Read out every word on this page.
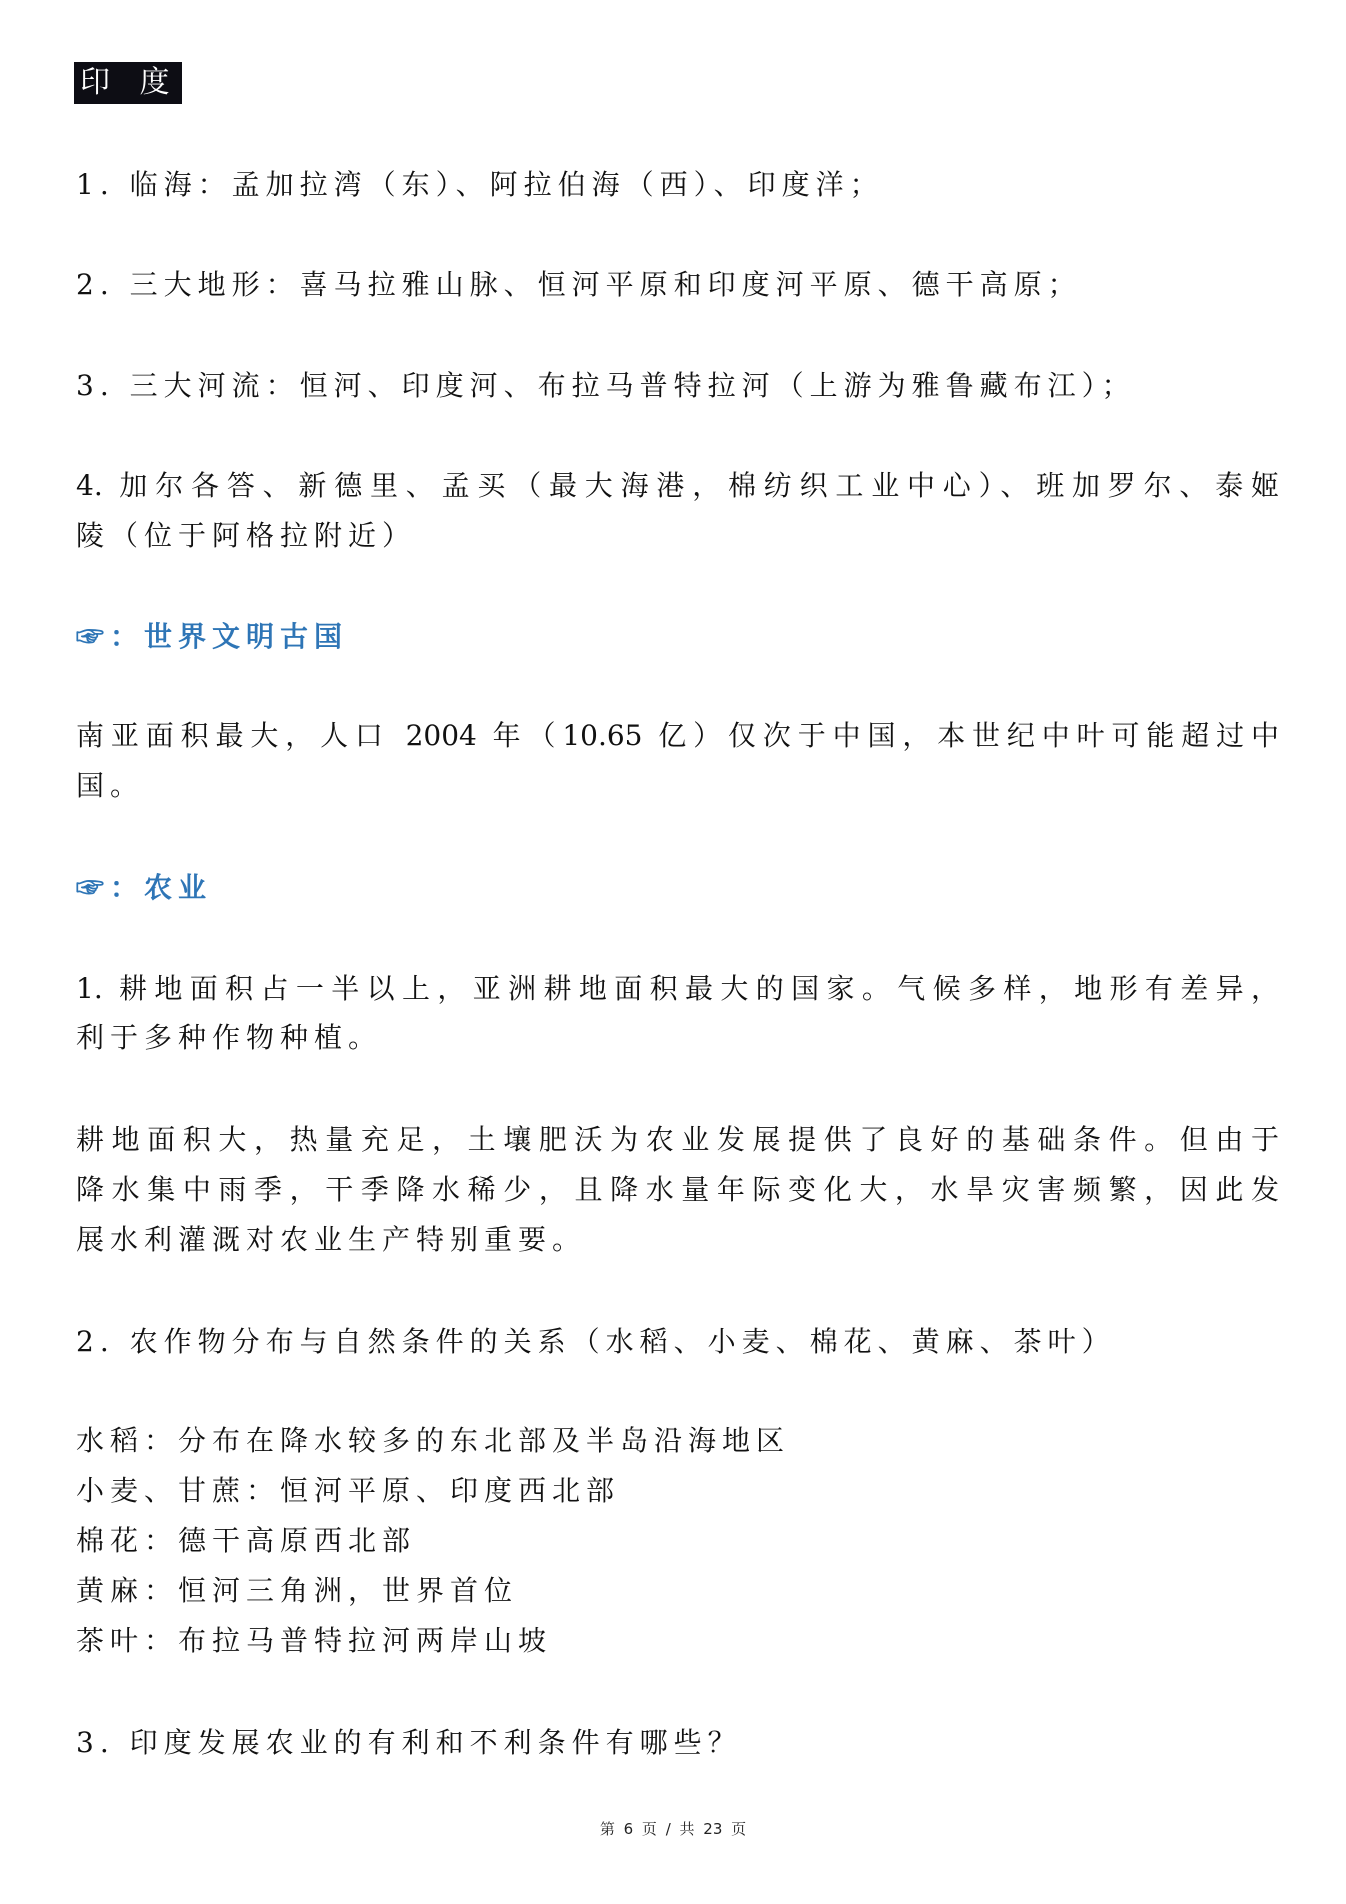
印 度
1. 临海：孟加拉湾（东）、阿拉伯海（西）、印度洋；
2. 三大地形：喜马拉雅山脉、恒河平原和印度河平原、德干高原；
3. 三大河流：恒河、印度河、布拉马普特拉河（上游为雅鲁藏布江）；
4. 加尔各答、新德里、孟买（最大海港，棉纺织工业中心）、班加罗尔、泰姬
陵（位于阿格拉附近）
☞：世界文明古国
南亚面积最大，人口 2004 年（10.65 亿）仅次于中国，本世纪中叶可能超过中
国。
☞：农业
1. 耕地面积占一半以上，亚洲耕地面积最大的国家。气候多样，地形有差异，
利于多种作物种植。
耕地面积大，热量充足，土壤肥沃为农业发展提供了良好的基础条件。但由于
降水集中雨季，干季降水稀少，且降水量年际变化大，水旱灾害频繁，因此发
展水利灌溉对农业生产特别重要。
2. 农作物分布与自然条件的关系（水稻、小麦、棉花、黄麻、茶叶）
水稻：分布在降水较多的东北部及半岛沿海地区
小麦、甘蔗：恒河平原、印度西北部
棉花：德干高原西北部
黄麻：恒河三角洲，世界首位
茶叶：布拉马普特拉河两岸山坡
3. 印度发展农业的有利和不利条件有哪些？
第 6 页 / 共 23 页
